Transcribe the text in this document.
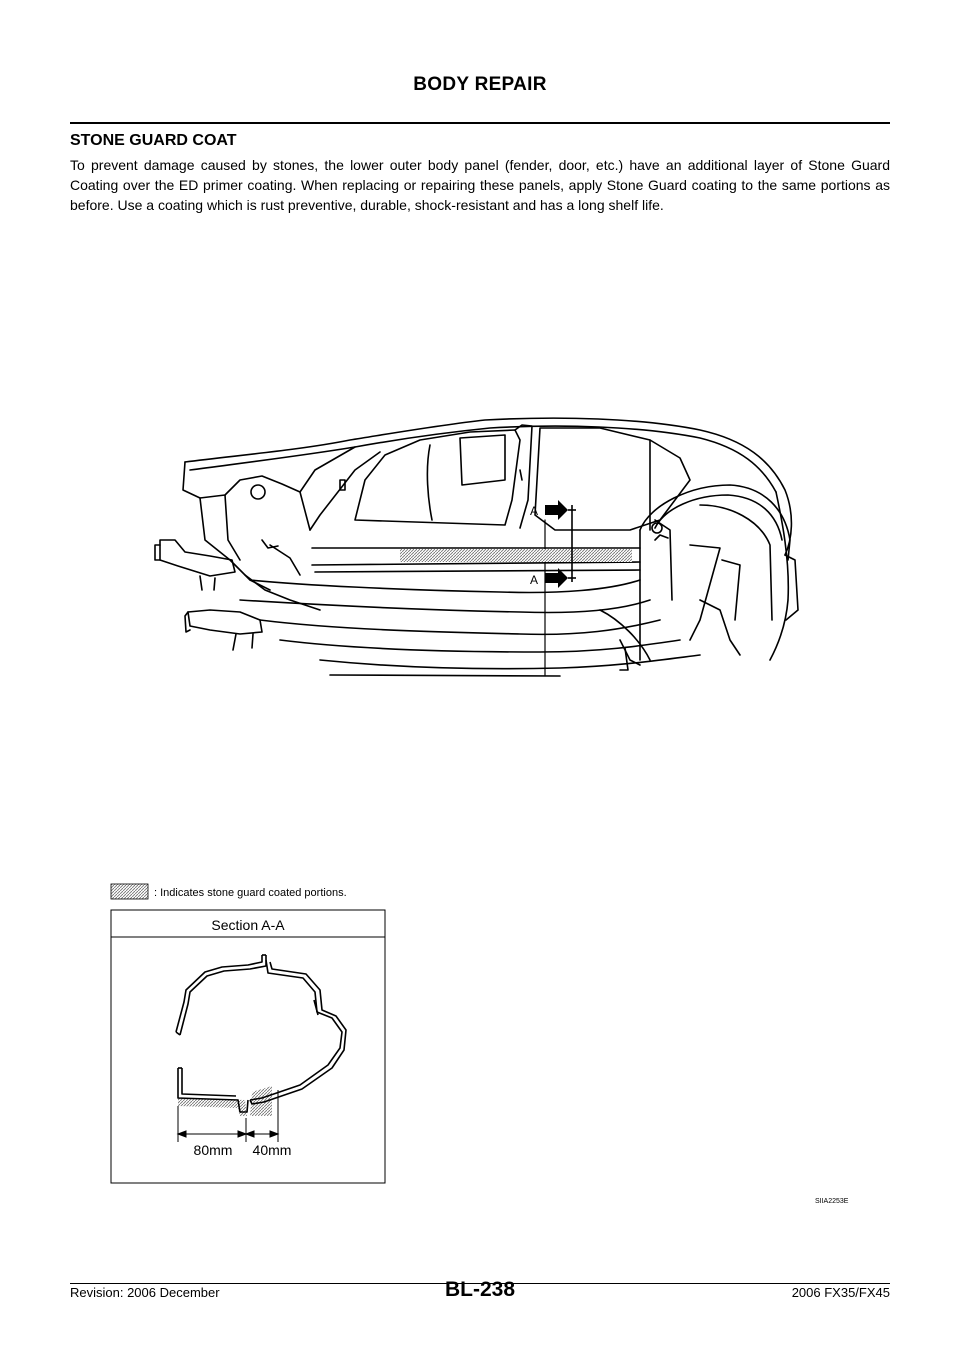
BODY REPAIR
STONE GUARD COAT

To prevent damage caused by stones, the lower outer body panel (fender, door, etc.) have an additional layer of Stone Guard Coating over the ED primer coating. When replacing or repairing these panels, apply Stone Guard coating to the same portions as before. Use a coating which is rust preventive, durable, shock-resistant and has a long shelf life.

A
A
: Indicates stone guard coated portions.
Section A-A
80mm 40mm
SIIA2253E
Revision: 2006 December	BL-238	2006 FX35/FX45
